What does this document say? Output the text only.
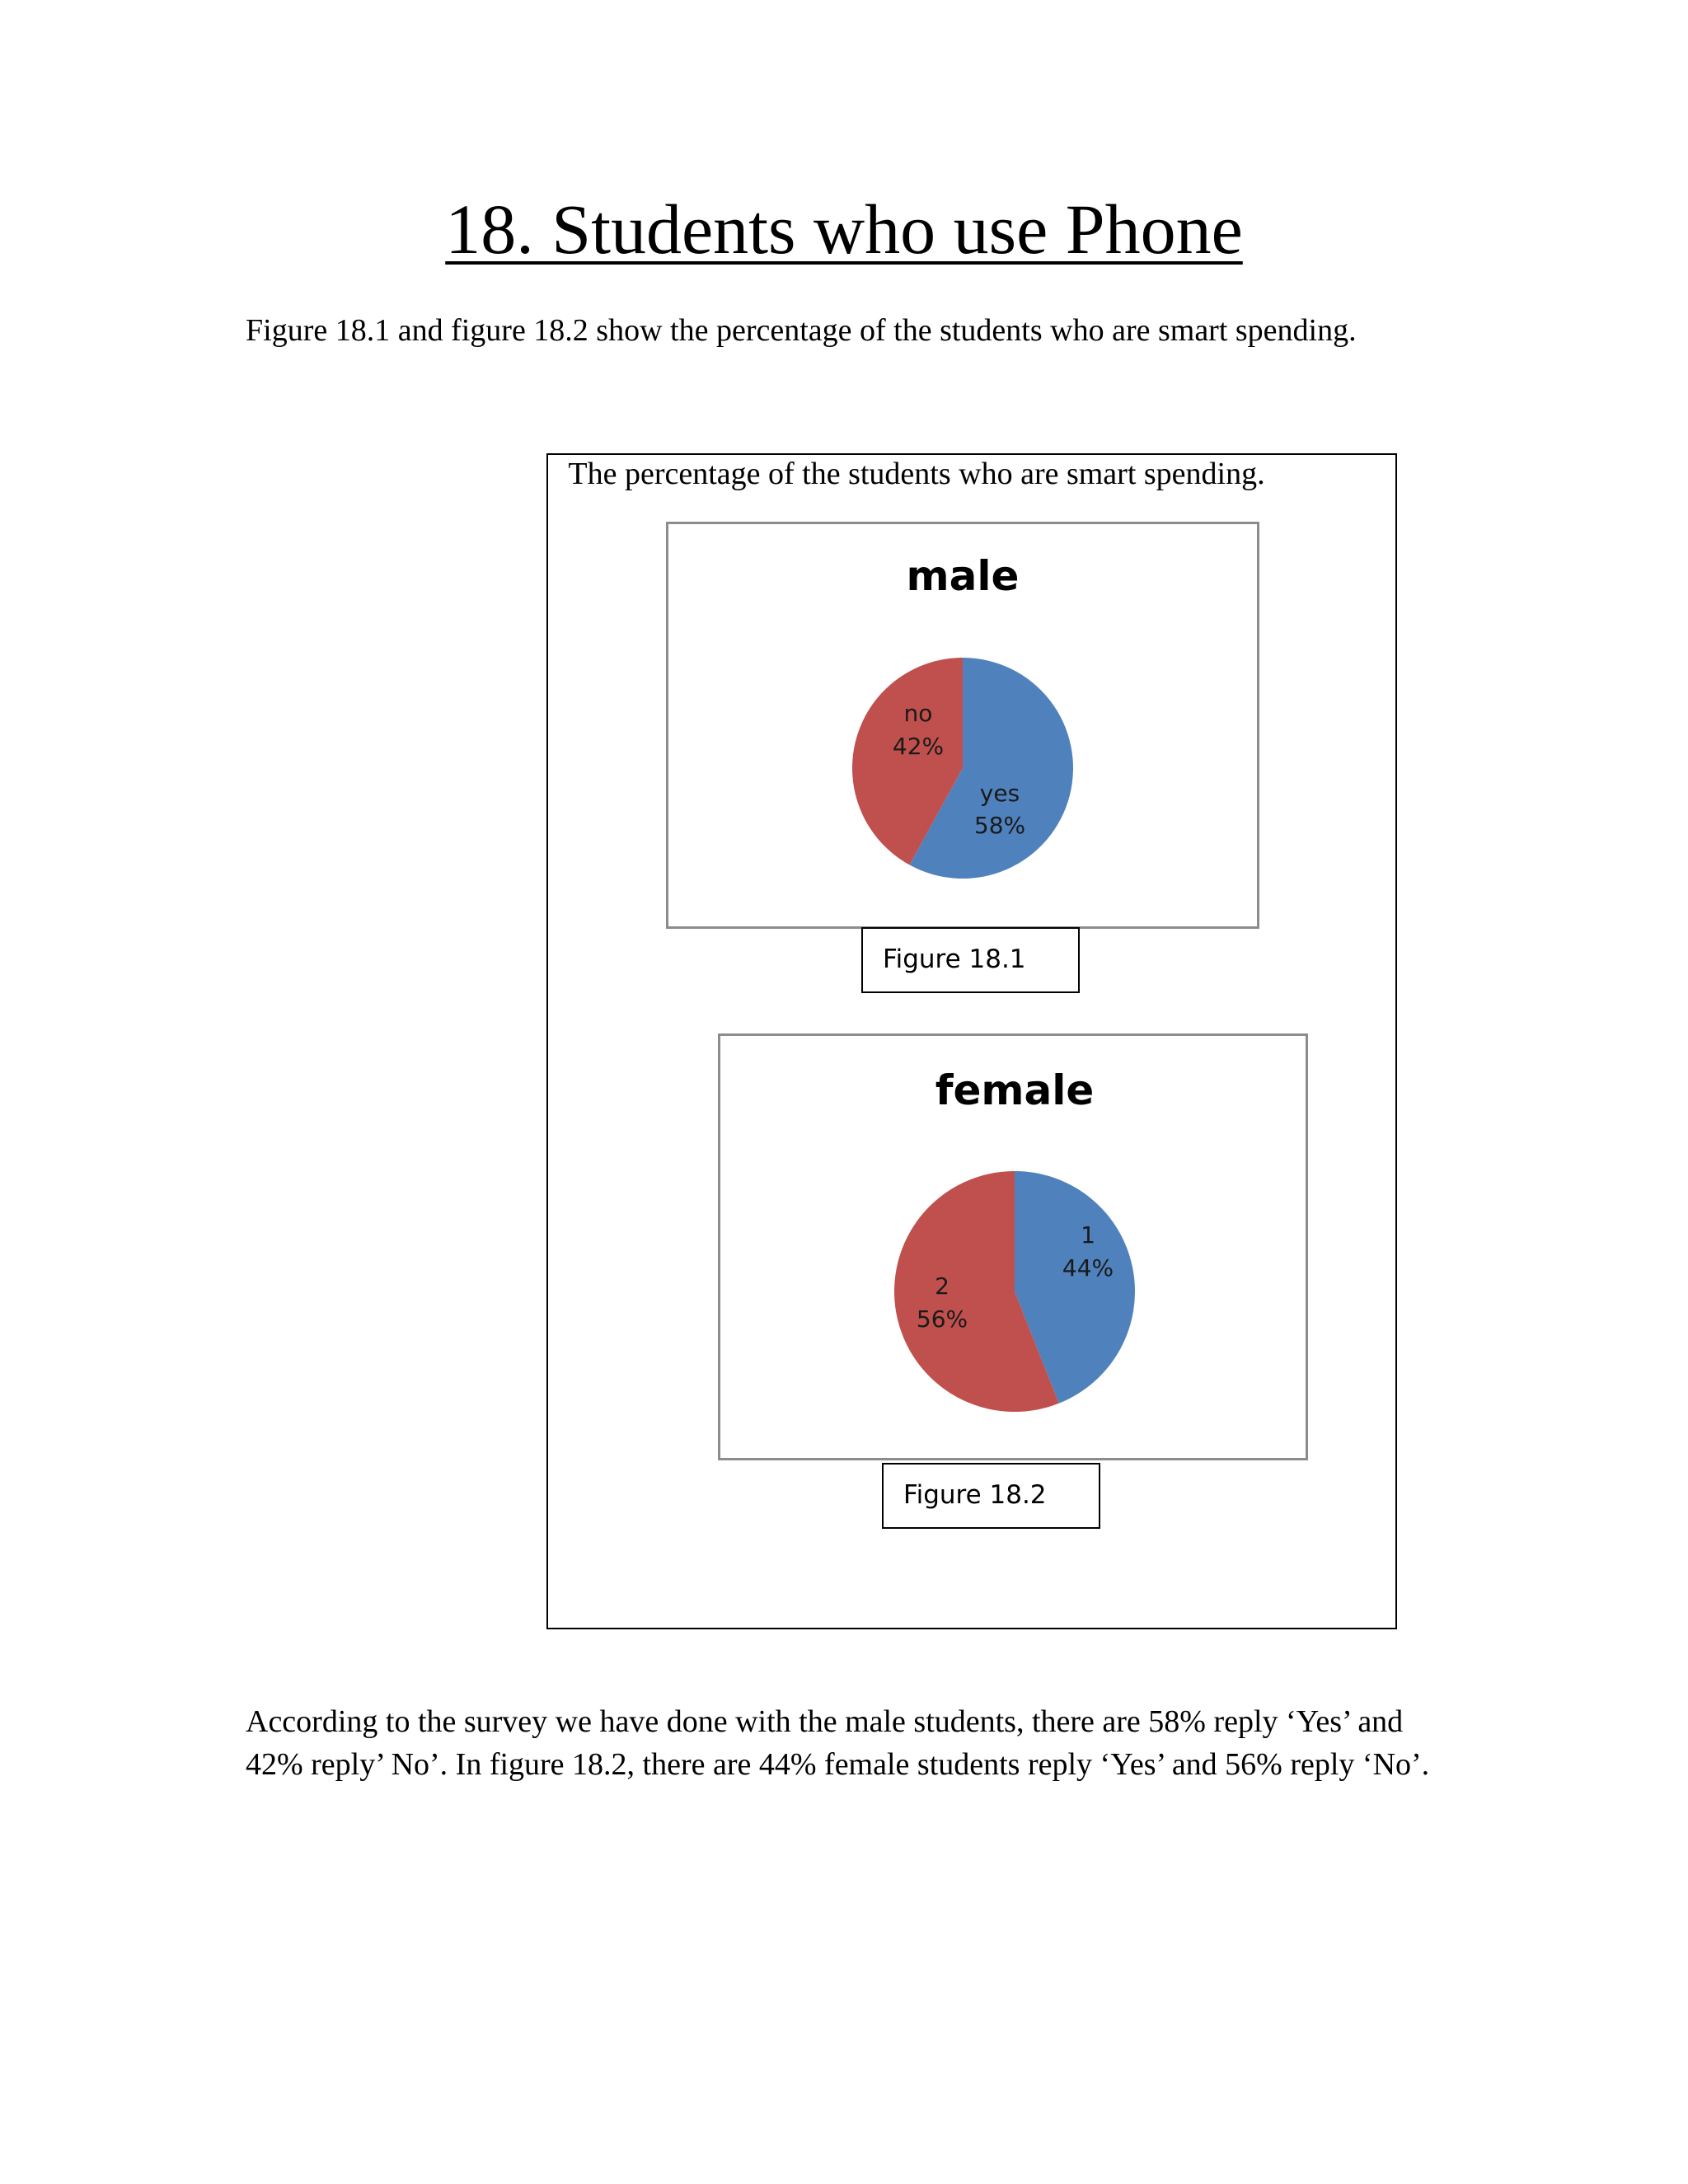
18. Students who use Phone

Figure 18.1 and figure 18.2 show the percentage of the students who are smart spending.

The percentage of the students who are smart spending.

male
yes
58%
no
42%
Figure 18.1
female
1
44%
2
56%
Figure 18.2

According to the survey we have done with the male students, there are 58% reply ‘Yes’ and 42% reply’ No’. In figure 18.2, there are 44% female students reply ‘Yes’ and 56% reply ‘No’.
